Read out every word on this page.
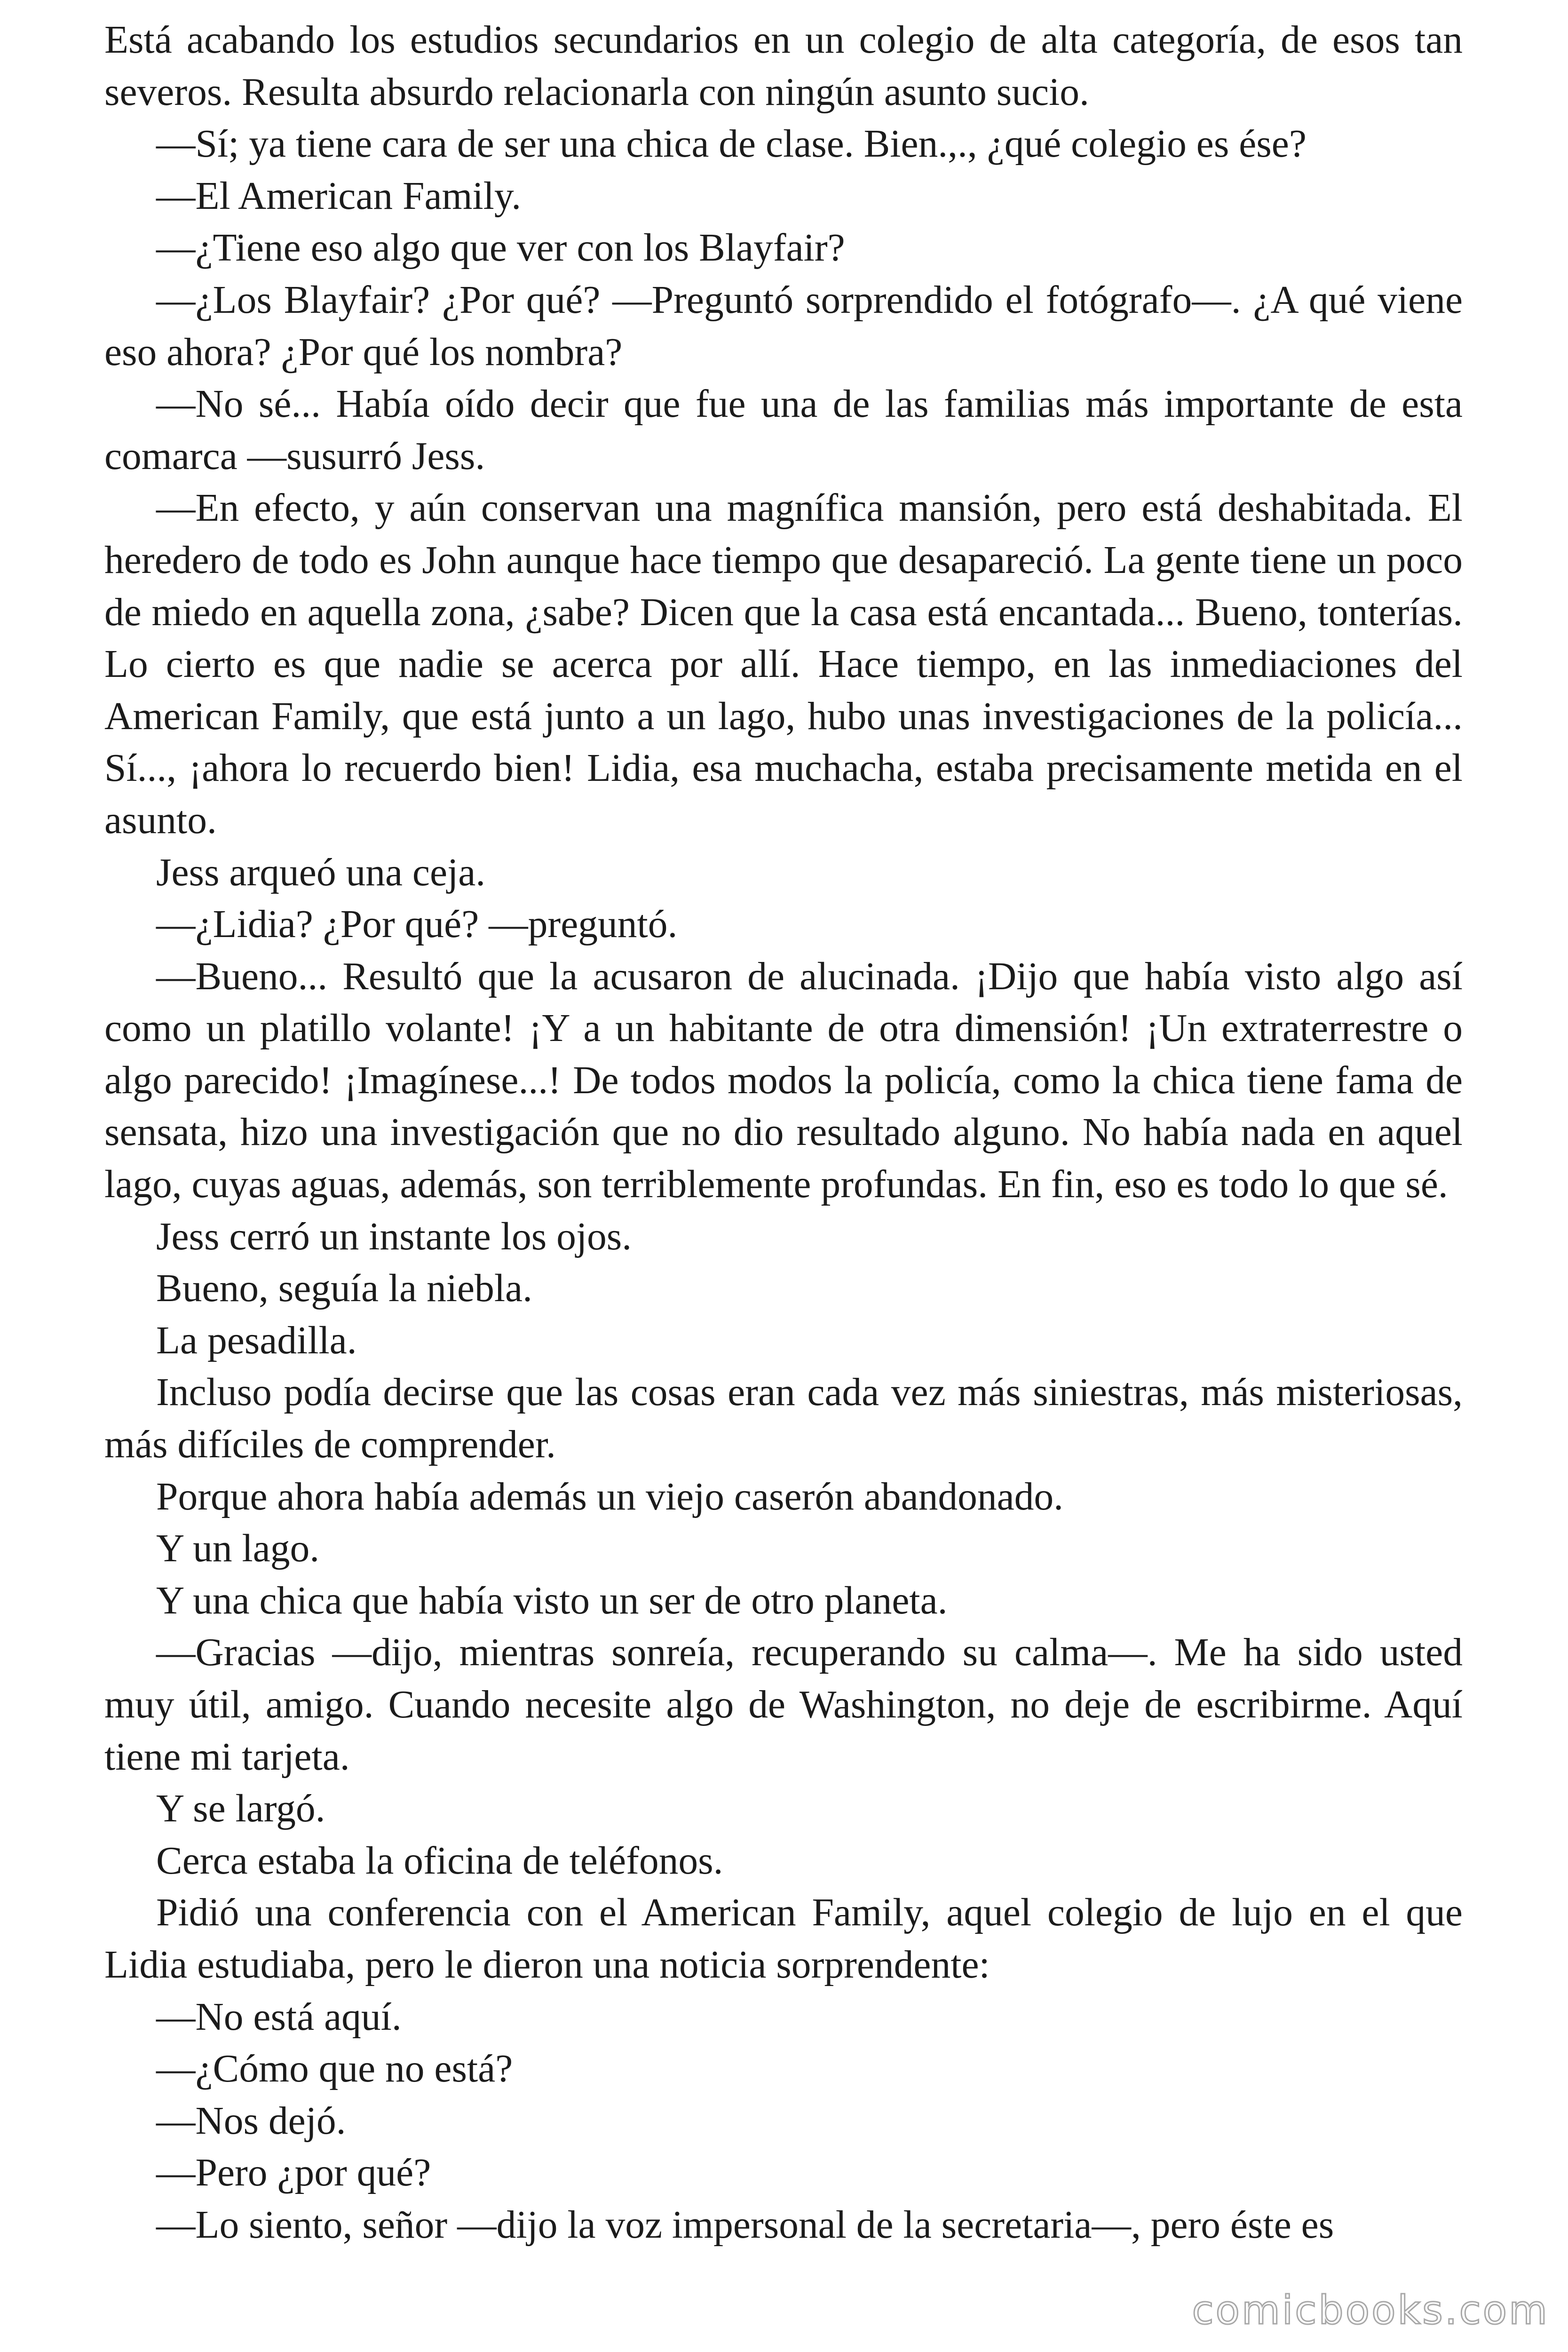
Está acabando los estudios secundarios en un colegio de alta categoría, de esos tan severos. Resulta absurdo relacionarla con ningún asunto sucio.

—Sí; ya tiene cara de ser una chica de clase. Bien.,., ¿qué colegio es ése?

—El American Family.

—¿Tiene eso algo que ver con los Blayfair?

—¿Los Blayfair? ¿Por qué? —Preguntó sorprendido el fotógrafo—. ¿A qué viene eso ahora? ¿Por qué los nombra?

—No sé... Había oído decir que fue una de las familias más importante de esta comarca —susurró Jess.

—En efecto, y aún conservan una magnífica mansión, pero está deshabitada. El heredero de todo es John aunque hace tiempo que desapareció. La gente tiene un poco de miedo en aquella zona, ¿sabe? Dicen que la casa está encantada... Bueno, tonterías. Lo cierto es que nadie se acerca por allí. Hace tiempo, en las inmediaciones del American Family, que está junto a un lago, hubo unas investigaciones de la policía... Sí..., ¡ahora lo recuerdo bien! Lidia, esa muchacha, estaba precisamente metida en el asunto.

Jess arqueó una ceja.

—¿Lidia? ¿Por qué? —preguntó.

—Bueno... Resultó que la acusaron de alucinada. ¡Dijo que había visto algo así como un platillo volante! ¡Y a un habitante de otra dimensión! ¡Un extraterrestre o algo parecido! ¡Imagínese...! De todos modos la policía, como la chica tiene fama de sensata, hizo una investigación que no dio resultado alguno. No había nada en aquel lago, cuyas aguas, además, son terriblemente profundas. En fin, eso es todo lo que sé.

Jess cerró un instante los ojos.

Bueno, seguía la niebla.

La pesadilla.

Incluso podía decirse que las cosas eran cada vez más siniestras, más misteriosas, más difíciles de comprender.

Porque ahora había además un viejo caserón abandonado.

Y un lago.

Y una chica que había visto un ser de otro planeta.

—Gracias —dijo, mientras sonreía, recuperando su calma—. Me ha sido usted muy útil, amigo. Cuando necesite algo de Washington, no deje de escribirme. Aquí tiene mi tarjeta.

Y se largó.

Cerca estaba la oficina de teléfonos.

Pidió una conferencia con el American Family, aquel colegio de lujo en el que Lidia estudiaba, pero le dieron una noticia sorprendente:

—No está aquí.

—¿Cómo que no está?

—Nos dejó.

—Pero ¿por qué?

—Lo siento, señor —dijo la voz impersonal de la secretaria—, pero éste es

comicbooks.com
